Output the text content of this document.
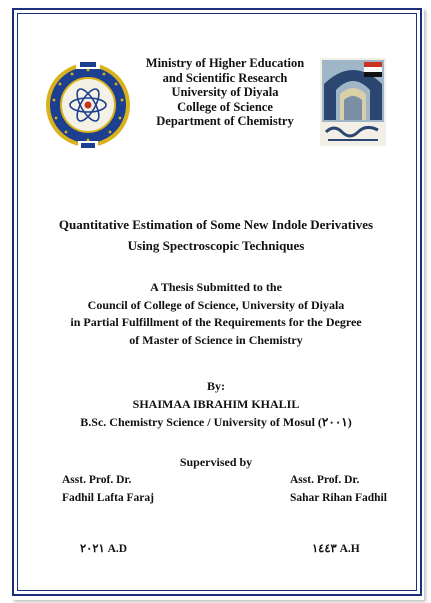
Ministry of Higher Education
and Scientific Research
University of Diyala
College of Science
Department of Chemistry
Quantitative Estimation of Some New Indole Derivatives
Using Spectroscopic Techniques
A Thesis Submitted to the
Council of College of Science, University of Diyala
in Partial Fulfillment of the Requirements for the Degree
of Master of Science in Chemistry
By:
SHAIMAA IBRAHIM KHALIL
B.Sc. Chemistry Science / University of Mosul (٢٠٠١)
Supervised by
Asst. Prof. Dr.
Fadhil Lafta Faraj
Asst. Prof. Dr.
Sahar Rihan Fadhil
٢٠٢١ A.D	١٤٤٣ A.H
